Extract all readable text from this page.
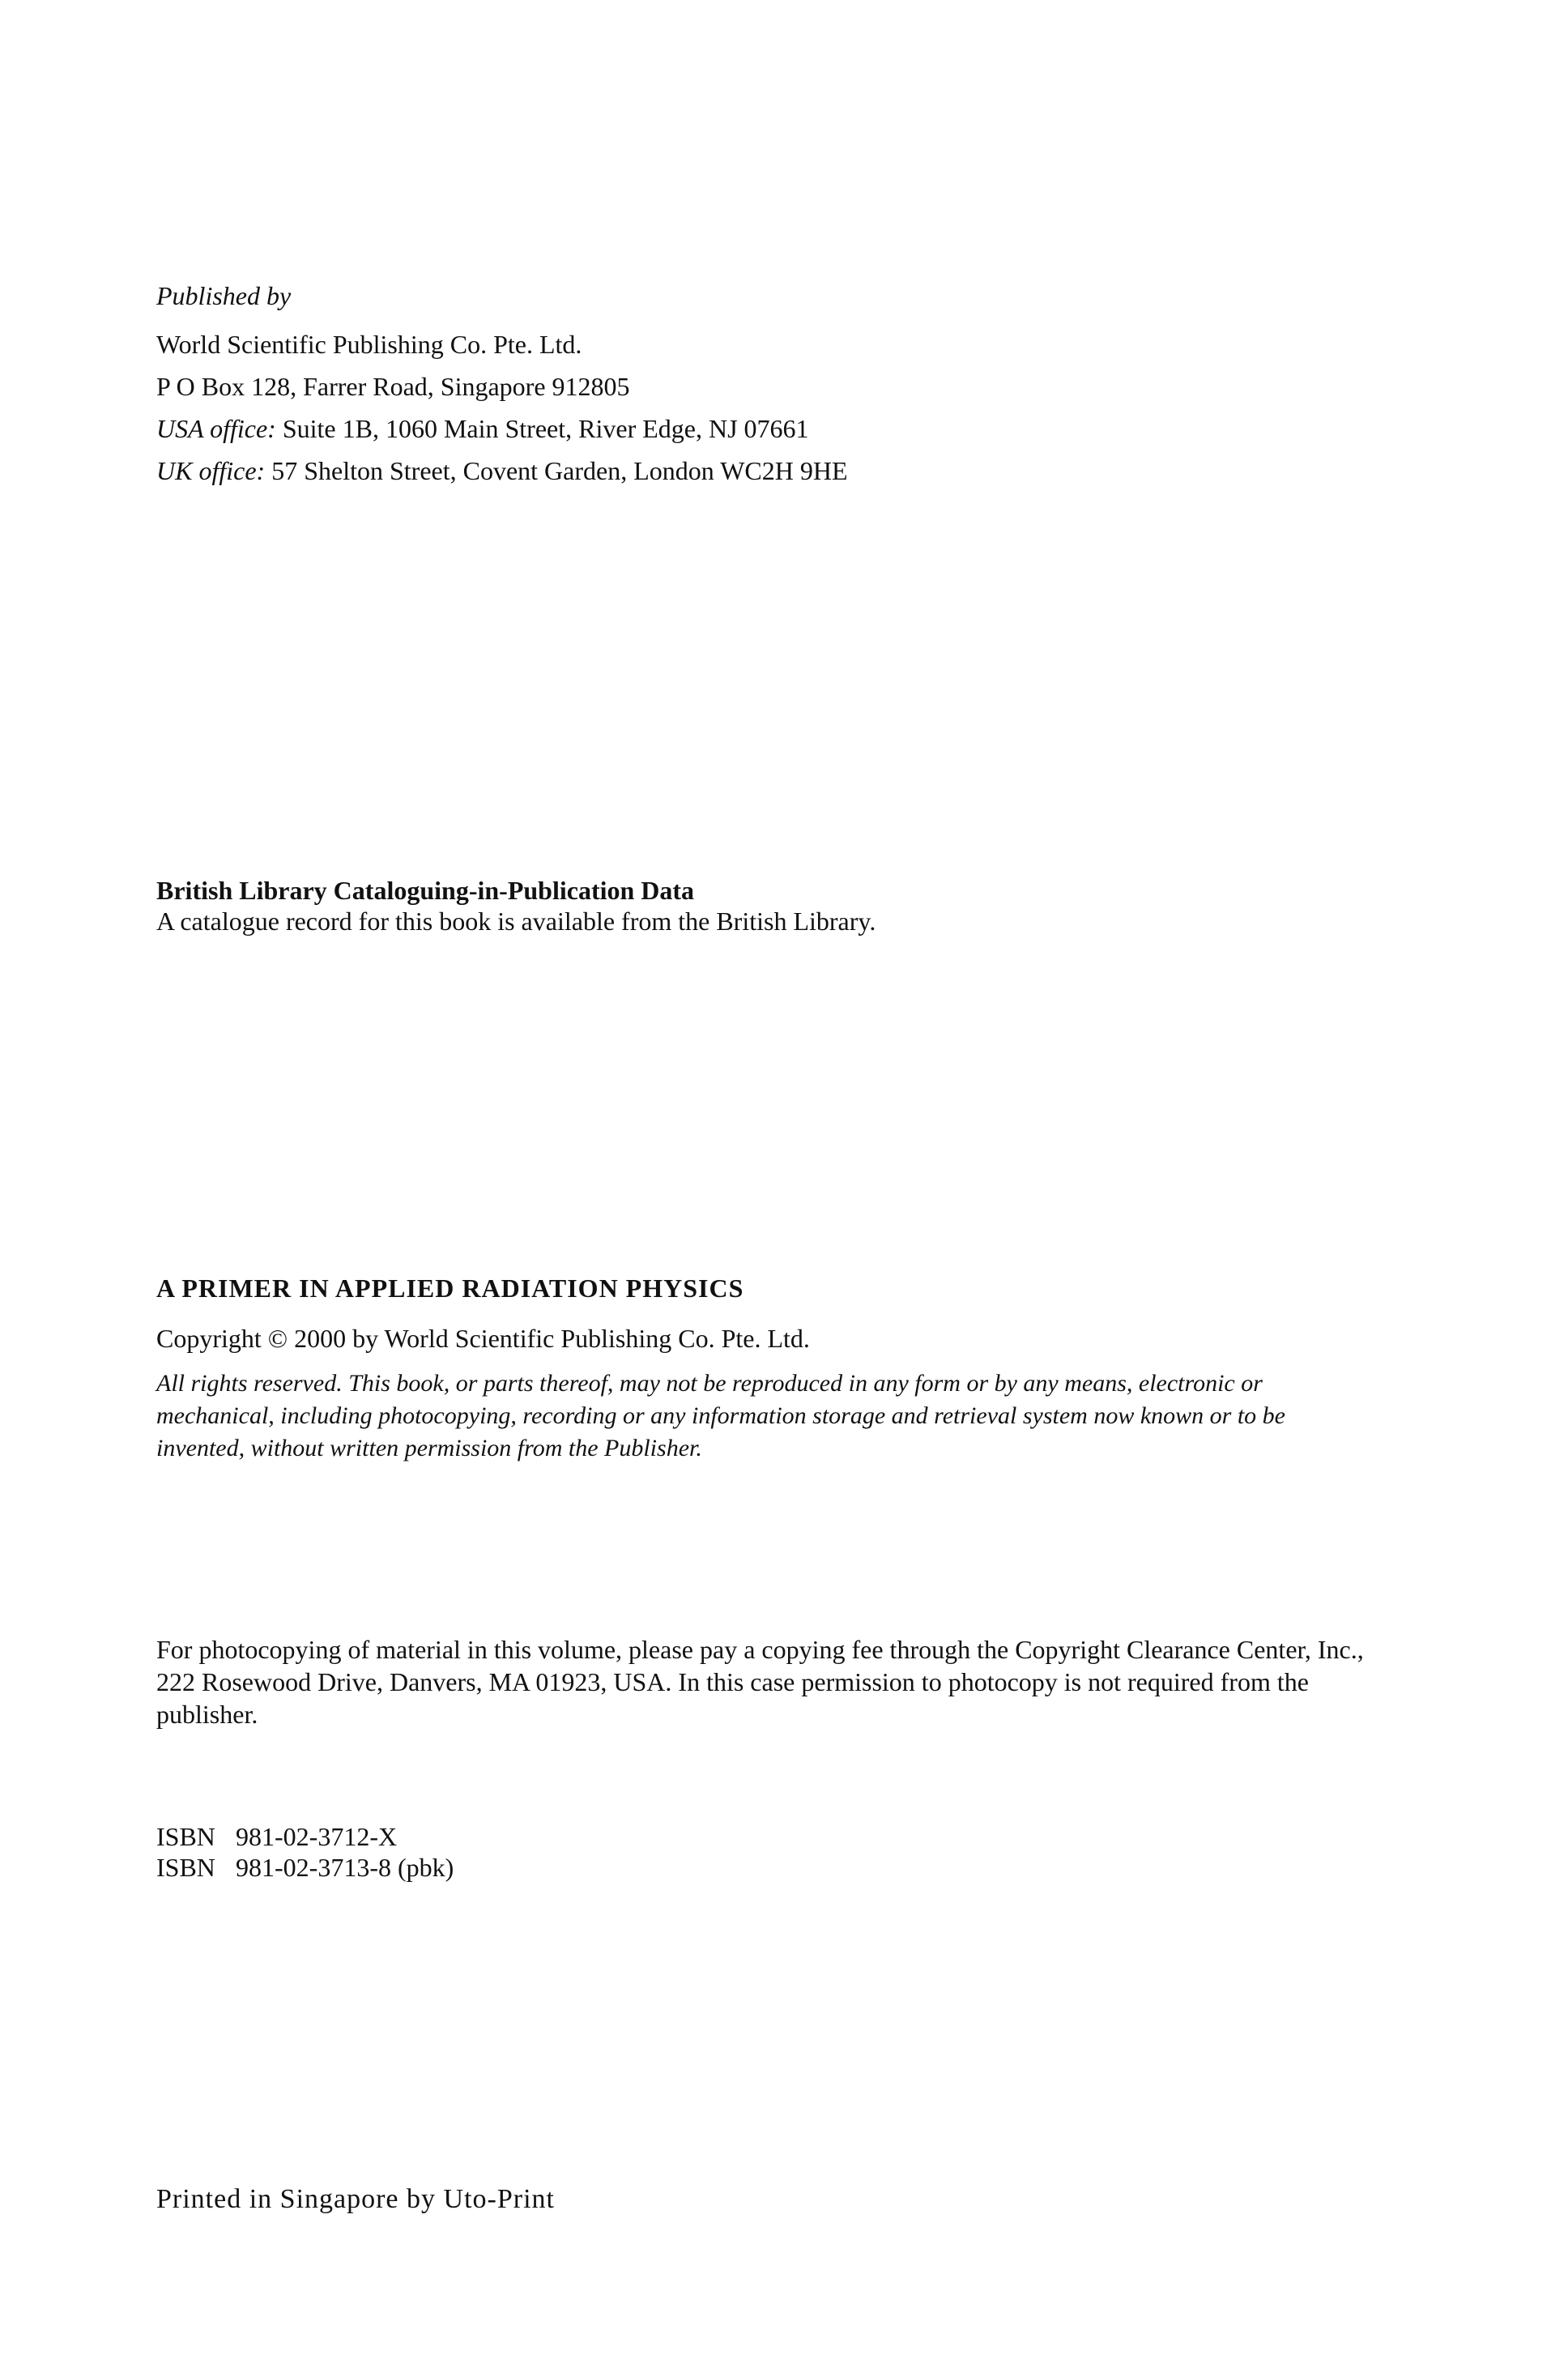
Published by
World Scientific Publishing Co. Pte. Ltd.
P O Box 128, Farrer Road, Singapore 912805
USA office: Suite 1B, 1060 Main Street, River Edge, NJ 07661
UK office: 57 Shelton Street, Covent Garden, London WC2H 9HE
British Library Cataloguing-in-Publication Data
A catalogue record for this book is available from the British Library.
A PRIMER IN APPLIED RADIATION PHYSICS
Copyright © 2000 by World Scientific Publishing Co. Pte. Ltd.
All rights reserved. This book, or parts thereof, may not be reproduced in any form or by any means, electronic or mechanical, including photocopying, recording or any information storage and retrieval system now known or to be invented, without written permission from the Publisher.
For photocopying of material in this volume, please pay a copying fee through the Copyright Clearance Center, Inc., 222 Rosewood Drive, Danvers, MA 01923, USA. In this case permission to photocopy is not required from the publisher.
ISBN 981-02-3712-X
ISBN 981-02-3713-8 (pbk)
Printed in Singapore by Uto-Print
